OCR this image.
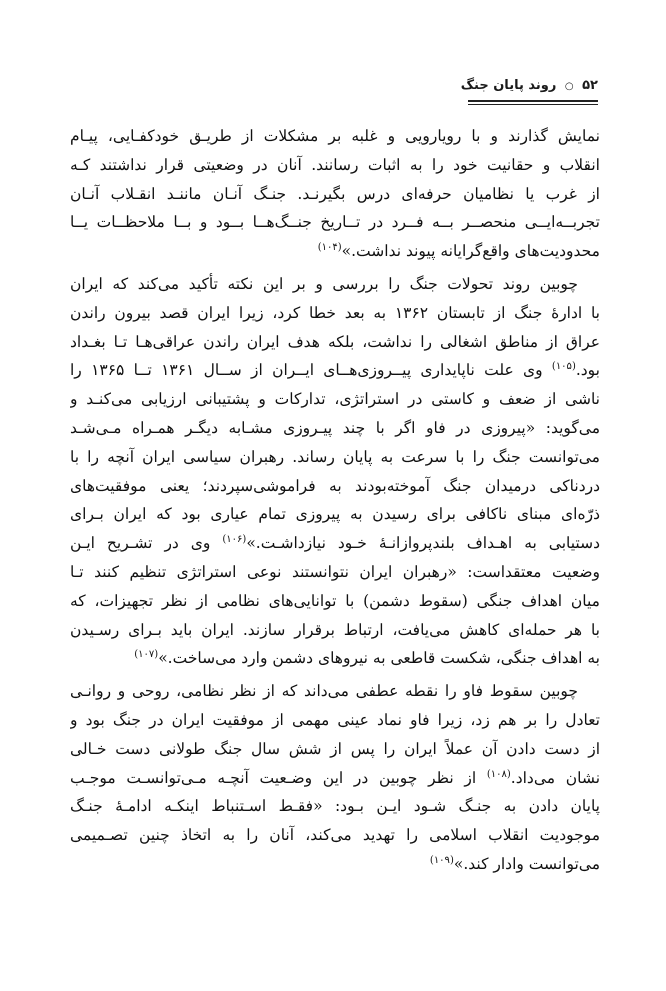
۵۲ ○ روند پایان جنگ
نمایش گذارند و با رویارویی و غلبه بر مشکلات از طریـق خودکفـایی، پیـام
انقلاب و حقانیت خود را به اثبات رسانند. آنان در وضعیتی قرار نداشتند کـه
از غرب یا نظامیان حرفه‌ای درس بگیرنـد. جنـگ آنـان ماننـد انقـلاب آنـان
تجربــه‌ایــی منحصــر بــه فــرد در تــاریخ جنــگ‌هــا بــود و بــا ملاحظــات یــا
محدودیت‌های واقع‌گرایانه پیوند نداشت.»$^{(۱۰۴)}$
چوبین روند تحولات جنگ را بررسی و بر این نکته تأکید می‌کند که ایران
با ادارهٔ جنگ از تابستان ۱۳۶۲ به بعد خطا کرد، زیرا ایران قصد بیرون راندن
عراق از مناطق اشغالی را نداشت، بلکه هدف ایران راندن عراقی‌هـا تـا بغـداد
بود.$^{(۱۰۵)}$ وی علت ناپایداری پیــروزی‌هــای ایــران از ســال ۱۳۶۱ تــا ۱۳۶۵ را
ناشی از ضعف و کاستی در استراتژی، تدارکات و پشتیبانی ارزیابی می‌کنـد و
می‌گوید: «پیروزی در فاو اگر با چند پیـروزی مشـابه دیگـر همـراه مـی‌شـد
می‌توانست جنگ را با سرعت به پایان رساند. رهبران سیاسی ایران آنچه را با
دردناکی درمیدان جنگ آموخته‌بودند به فراموشی‌سپردند؛ یعنی موفقیت‌های
ذرّه‌ای مبنای ناکافی برای رسیدن به پیروزی تمام عیاری بود که ایران بـرای
دستیابی به اهـداف بلندپروازانـهٔ خـود نیازداشـت.»$^{(۱۰۶)}$ وی در تشـریح ایـن
وضعیت معتقداست: «رهبران ایران نتوانستند نوعی استراتژی تنظیم کنند تـا
میان اهداف جنگی (سقوط دشمن) با توانایی‌های نظامی از نظر تجهیزات، که
با هر حمله‌ای کاهش می‌یافت، ارتباط برقرار سازند. ایران باید بـرای رسـیدن
به اهداف جنگی، شکست قاطعی به نیروهای دشمن وارد می‌ساخت.»$^{(۱۰۷)}$
چوبین سقوط فاو را نقطه عطفی می‌داند که از نظر نظامی، روحی و روانـی
تعادل را بر هم زد، زیرا فاو نماد عینی مهمی از موفقیت ایران در جنگ بود و
از دست دادن آن عملاً ایران را پس از شش سال جنگ طولانی دست خـالی
نشان می‌داد.$^{(۱۰۸)}$ از نظر چوبین در این وضـعیت آنچـه مـی‌توانسـت موجـب
پایان دادن به جنـگ شـود ایـن بـود: «فقـط اسـتنباط اینکـه ادامـهٔ جنـگ
موجودیت انقلاب اسلامی را تهدید می‌کند، آنان را به اتخاذ چنین تصـمیمی
می‌توانست وادار کند.»$^{(۱۰۹)}$
